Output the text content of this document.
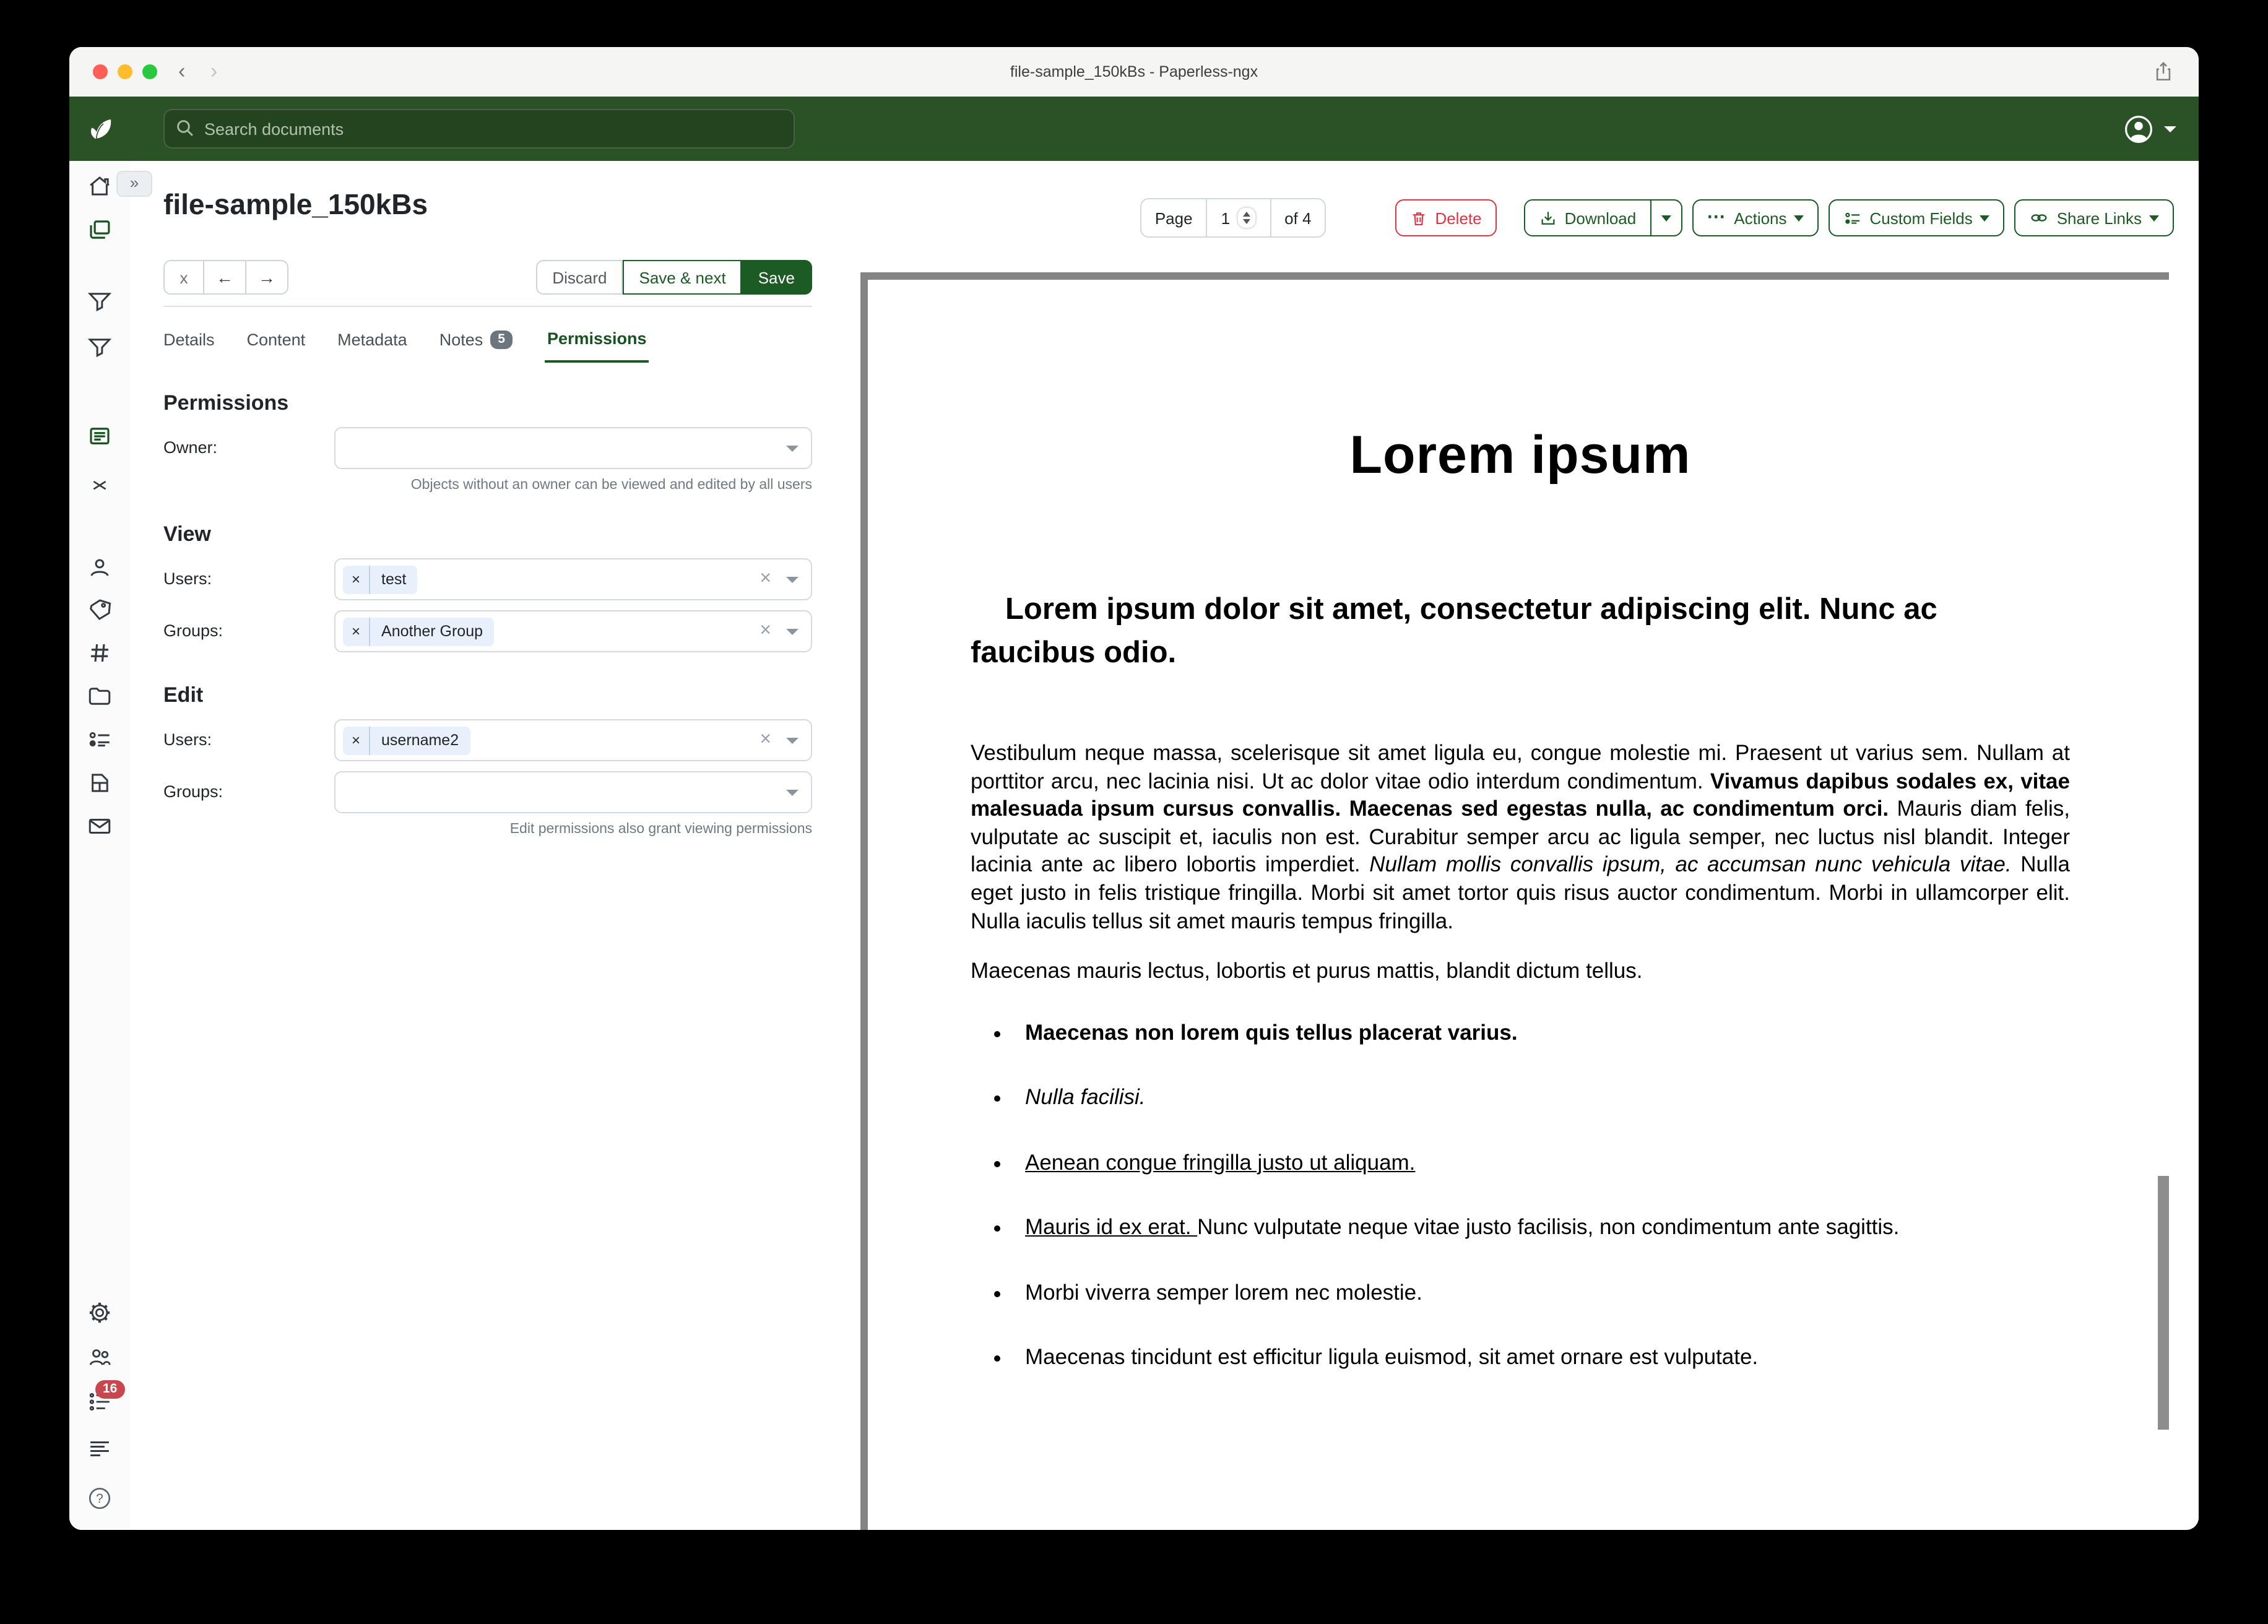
‹ ›	file-sample_150kBs - Paperless-ngx
Search documents
16
?
»
Page	1	of 4	Delete	Download	⋯ Actions	Custom Fields	Share Links
file-sample_150kBs
x	←	→	Discard	Save & next	Save
Details	Content	Metadata	Notes	5	Permissions
Permissions
Owner:
Objects without an owner can be viewed and edited by all users
View
Users:	×	test	×
Groups:	×	Another Group	×
Edit
Users:	×	username2	×
Groups:
Edit permissions also grant viewing permissions
Lorem ipsum
Lorem ipsum dolor sit amet, consectetur adipiscing elit. Nunc ac faucibus odio.

Vestibulum neque massa, scelerisque sit amet ligula eu, congue molestie mi. Praesent ut varius sem. Nullam at porttitor arcu, nec lacinia nisi. Ut ac dolor vitae odio interdum condimentum. Vivamus dapibus sodales ex, vitae malesuada ipsum cursus convallis. Maecenas sed egestas nulla, ac condimentum orci. Mauris diam felis, vulputate ac suscipit et, iaculis non est. Curabitur semper arcu ac ligula semper, nec luctus nisl blandit. Integer lacinia ante ac libero lobortis imperdiet. Nullam mollis convallis ipsum, ac accumsan nunc vehicula vitae. Nulla eget justo in felis tristique fringilla. Morbi sit amet tortor quis risus auctor condimentum. Morbi in ullamcorper elit. Nulla iaculis tellus sit amet mauris tempus fringilla.

Maecenas mauris lectus, lobortis et purus mattis, blandit dictum tellus.

• Maecenas non lorem quis tellus placerat varius.
• Nulla facilisi.
• Aenean congue fringilla justo ut aliquam.
• Mauris id ex erat. Nunc vulputate neque vitae justo facilisis, non condimentum ante sagittis.
• Morbi viverra semper lorem nec molestie.
• Maecenas tincidunt est efficitur ligula euismod, sit amet ornare est vulputate.
